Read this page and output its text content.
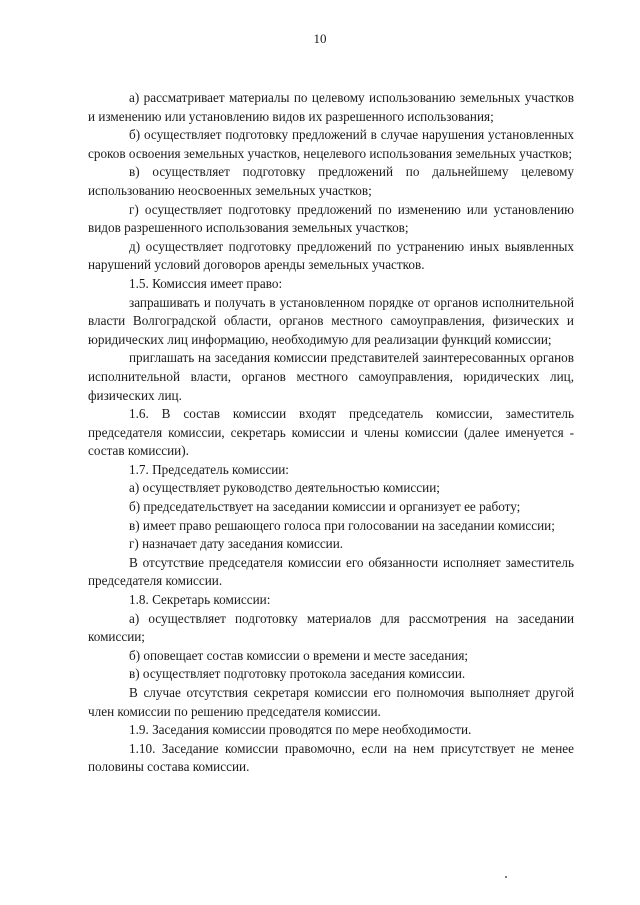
10

а) рассматривает материалы по целевому использованию земельных участков и изменению или установлению видов их разрешенного использования;

б) осуществляет подготовку предложений в случае нарушения установленных сроков освоения земельных участков, нецелевого использования земельных участков;

в) осуществляет подготовку предложений по дальнейшему целевому использованию неосвоенных земельных участков;

г) осуществляет подготовку предложений по изменению или установлению видов разрешенного использования земельных участков;

д) осуществляет подготовку предложений по устранению иных выявленных нарушений условий договоров аренды земельных участков.

1.5. Комиссия имеет право:

запрашивать и получать в установленном порядке от органов исполнительной власти Волгоградской области, органов местного самоуправления, физических и юридических лиц информацию, необходимую для реализации функций комиссии;

приглашать на заседания комиссии представителей заинтересованных органов исполнительной власти, органов местного самоуправления, юридических лиц, физических лиц.

1.6. В состав комиссии входят председатель комиссии, заместитель председателя комиссии, секретарь комиссии и члены комиссии (далее именуется - состав комиссии).

1.7. Председатель комиссии:

а) осуществляет руководство деятельностью комиссии;

б) председательствует на заседании комиссии и организует ее работу;

в) имеет право решающего голоса при голосовании на заседании комиссии;

г) назначает дату заседания комиссии.

В отсутствие председателя комиссии его обязанности исполняет заместитель председателя комиссии.

1.8. Секретарь комиссии:

а) осуществляет подготовку материалов для рассмотрения на заседании комиссии;

б) оповещает состав комиссии о времени и месте заседания;

в) осуществляет подготовку протокола заседания комиссии.

В случае отсутствия секретаря комиссии его полномочия выполняет другой член комиссии по решению председателя комиссии.

1.9. Заседания комиссии проводятся по мере необходимости.

1.10. Заседание комиссии правомочно, если на нем присутствует не менее половины состава комиссии.
